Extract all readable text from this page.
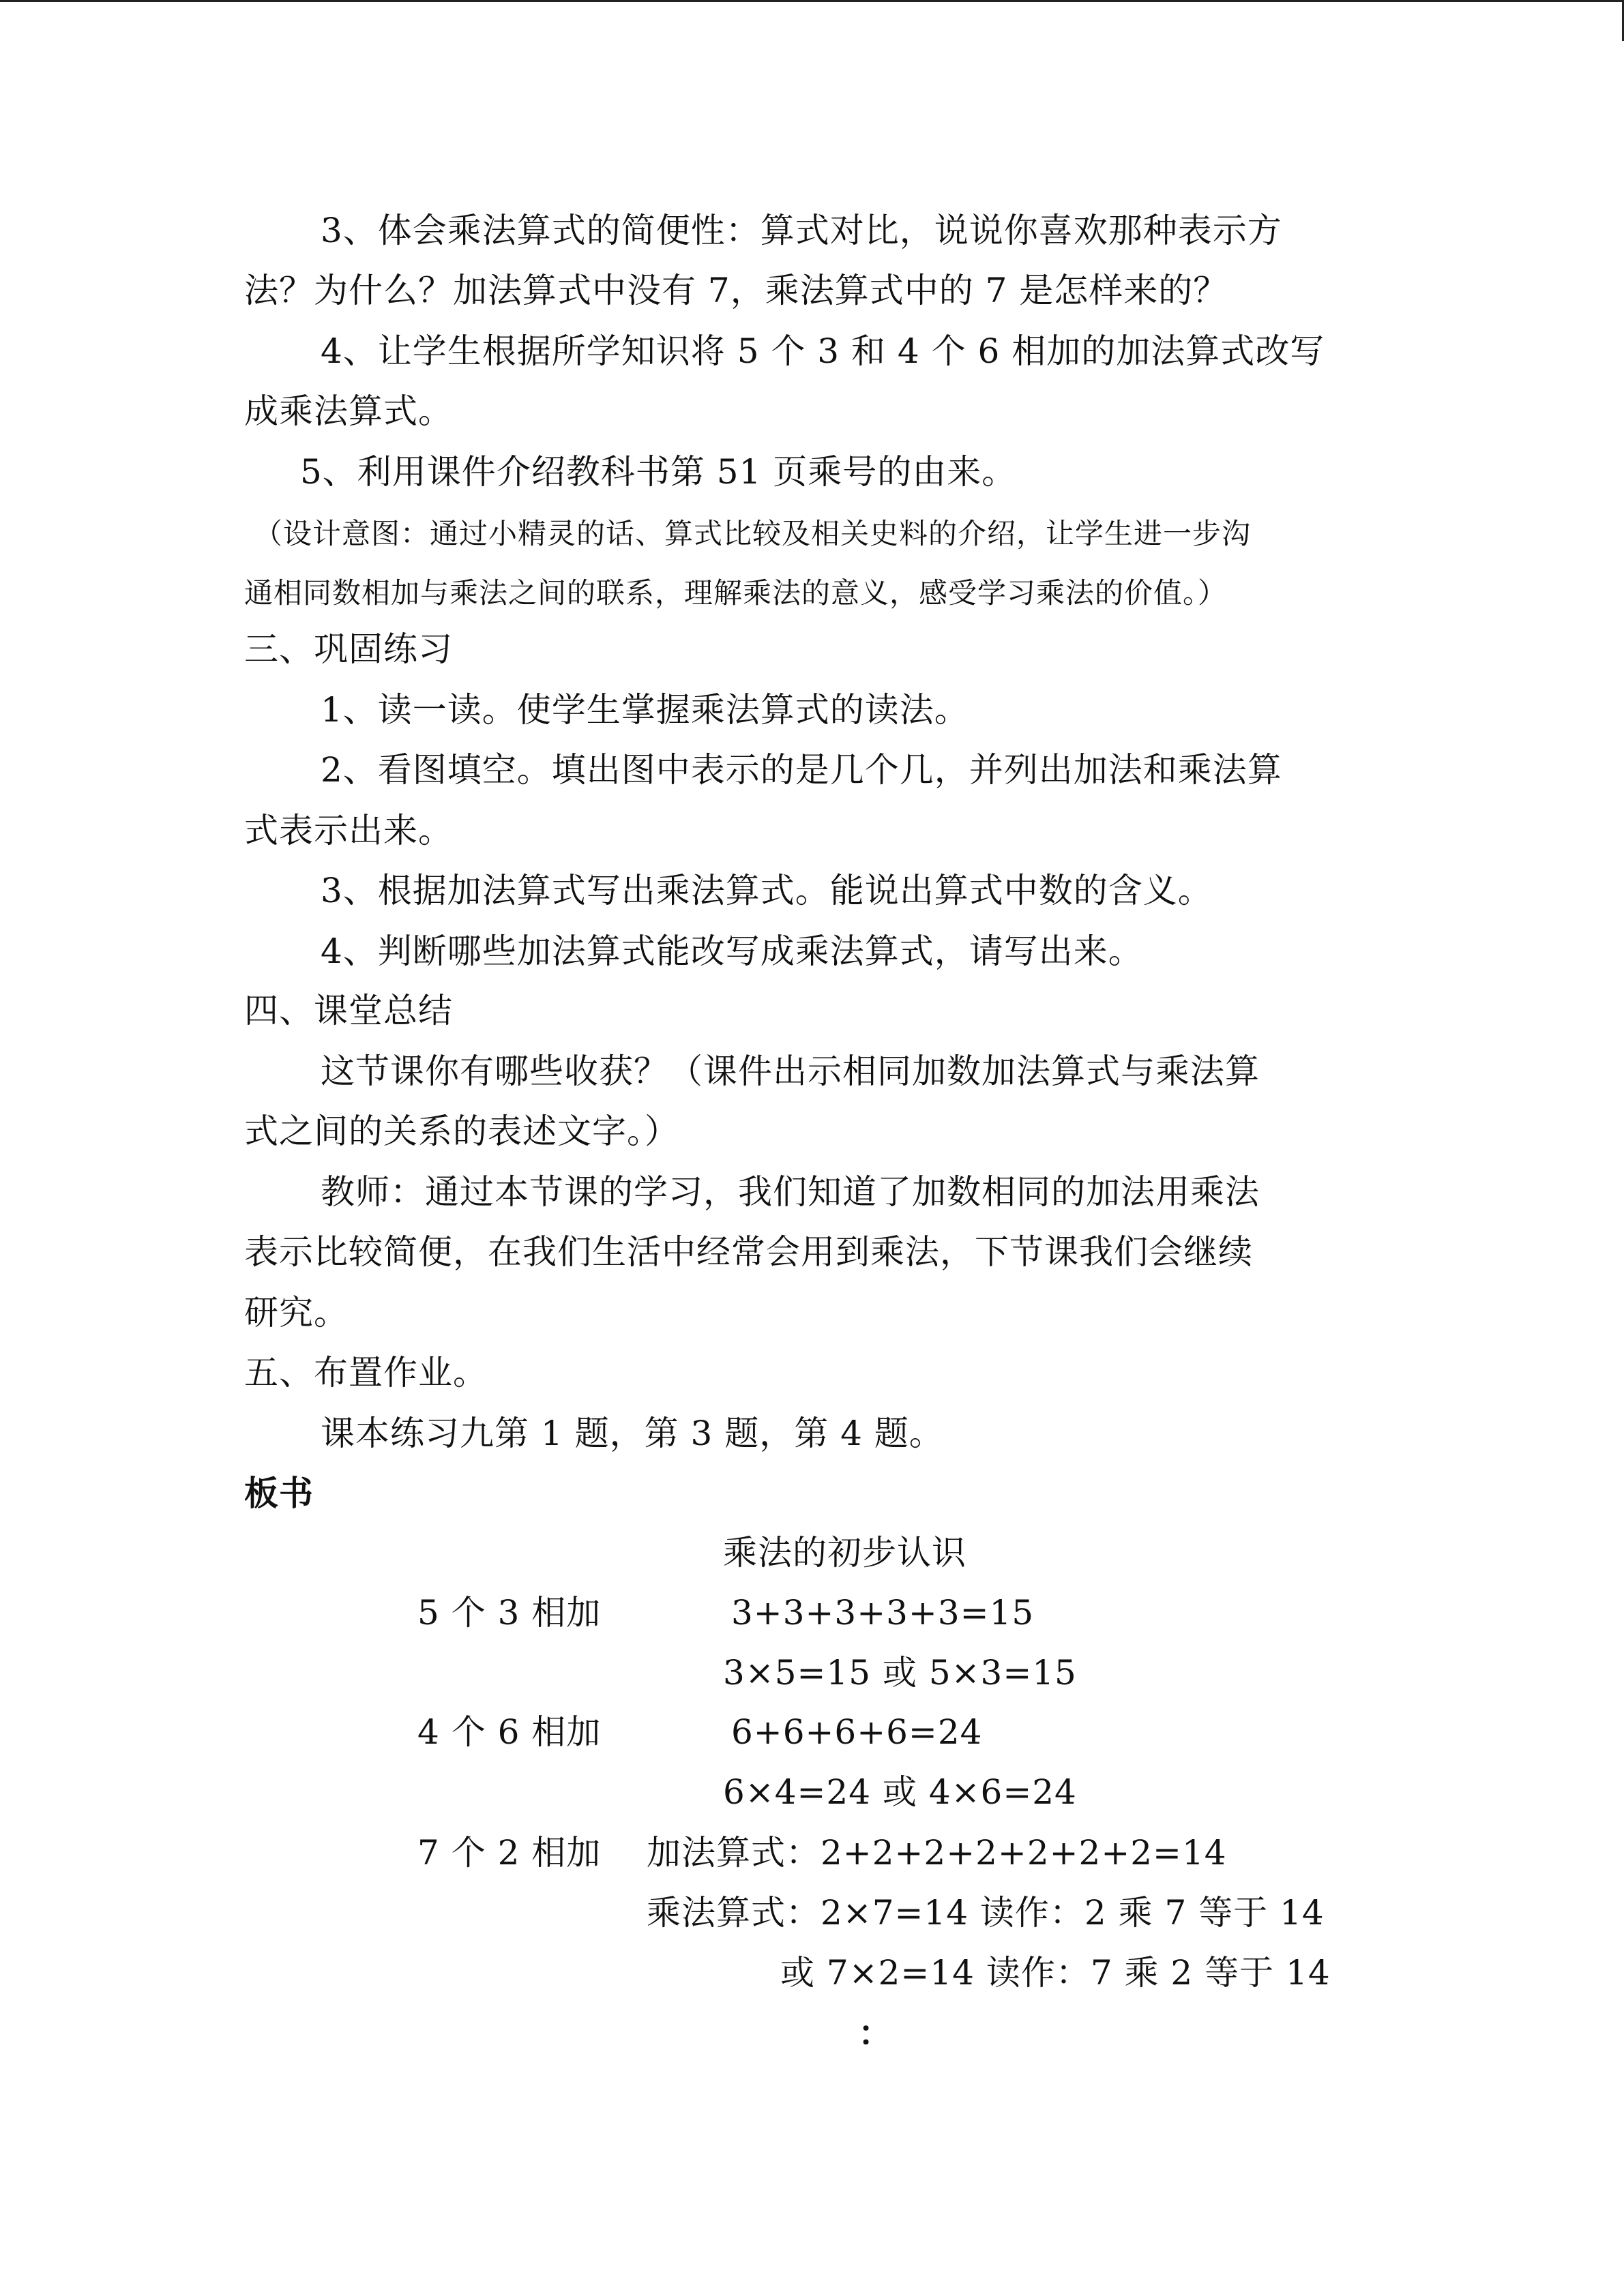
3、体会乘法算式的简便性：算式对比，说说你喜欢那种表示方
法？为什么？加法算式中没有 7，乘法算式中的 7 是怎样来的？
4、让学生根据所学知识将 5 个 3 和 4 个 6 相加的加法算式改写
成乘法算式。
5、利用课件介绍教科书第 51 页乘号的由来。
（设计意图：通过小精灵的话、算式比较及相关史料的介绍，让学生进一步沟
通相同数相加与乘法之间的联系，理解乘法的意义，感受学习乘法的价值。）
三、巩固练习
1、读一读。使学生掌握乘法算式的读法。
2、看图填空。填出图中表示的是几个几，并列出加法和乘法算
式表示出来。
3、根据加法算式写出乘法算式。能说出算式中数的含义。
4、判断哪些加法算式能改写成乘法算式，请写出来。
四、课堂总结
这节课你有哪些收获？（课件出示相同加数加法算式与乘法算
式之间的关系的表述文字。）
教师：通过本节课的学习，我们知道了加数相同的加法用乘法
表示比较简便，在我们生活中经常会用到乘法，下节课我们会继续
研究。
五、布置作业。
课本练习九第 1 题，第 3 题，第 4 题。
板书
乘法的初步认识
5 个 3 相加	3+3+3+3+3=15
3×5=15 或 5×3=15
4 个 6 相加	6+6+6+6=24
6×4=24 或 4×6=24
7 个 2 相加 加法算式：2+2+2+2+2+2+2=14
乘法算式：2×7=14 读作：2 乘 7 等于 14
或 7×2=14 读作：7 乘 2 等于 14
：
